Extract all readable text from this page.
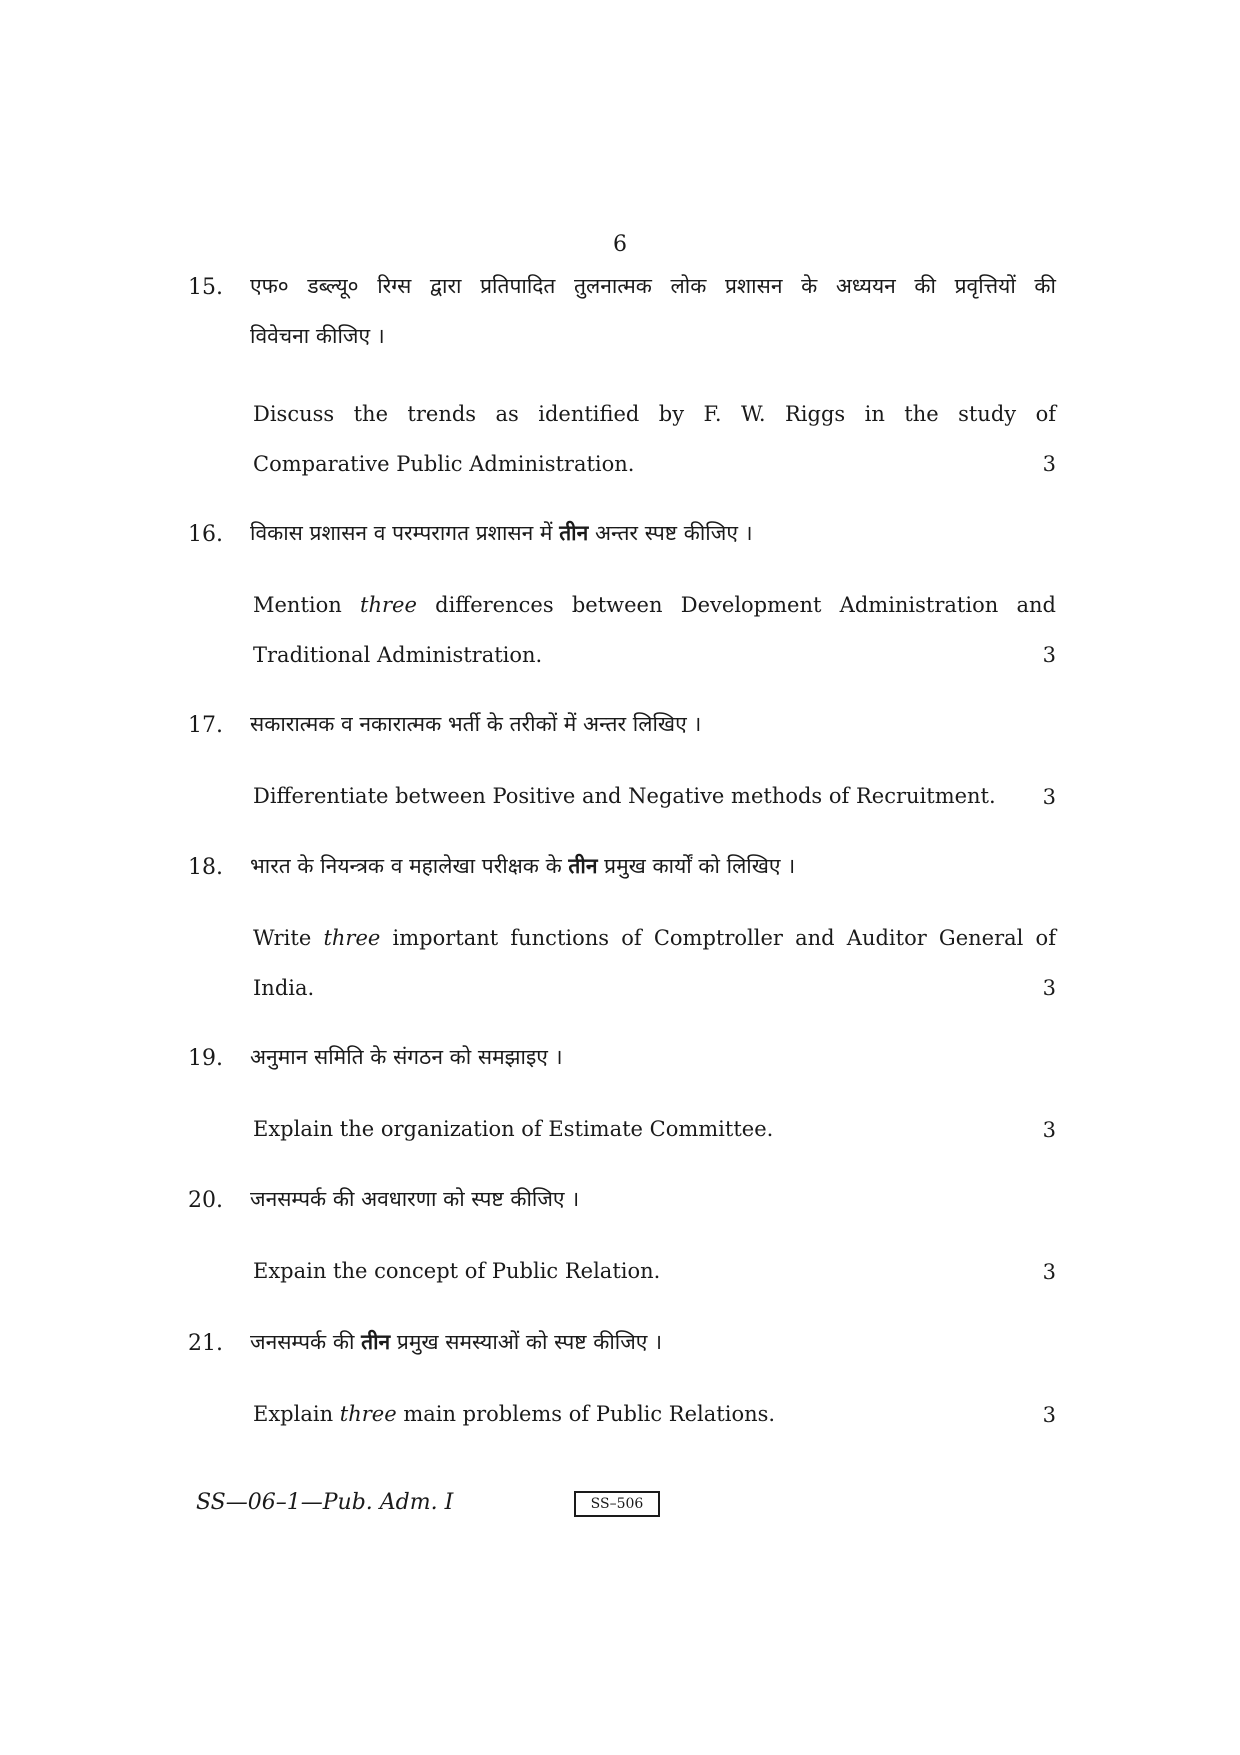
6
15.	एफ० डब्ल्यू० रिग्स द्वारा प्रतिपादित तुलनात्मक लोक प्रशासन के अध्ययन की प्रवृत्तियों की
विवेचना कीजिए ।
Discuss the trends as identified by F. W. Riggs in the study of
Comparative Public Administration.	3
16.	विकास प्रशासन व परम्परागत प्रशासन में तीन अन्तर स्पष्ट कीजिए ।
Mention three differences between Development Administration and
Traditional Administration.	3
17.	सकारात्मक व नकारात्मक भर्ती के तरीकों में अन्तर लिखिए ।
Differentiate between Positive and Negative methods of Recruitment.	3
18.	भारत के नियन्त्रक व महालेखा परीक्षक के तीन प्रमुख कार्यों को लिखिए ।
Write three important functions of Comptroller and Auditor General of
India.	3
19.	अनुमान समिति के संगठन को समझाइए ।
Explain the organization of Estimate Committee.	3
20.	जनसम्पर्क की अवधारणा को स्पष्ट कीजिए ।
Expain the concept of Public Relation.	3
21.	जनसम्पर्क की तीन प्रमुख समस्याओं को स्पष्ट कीजिए ।
Explain three main problems of Public Relations.	3
SS—06–1—Pub. Adm. I	SS–506
